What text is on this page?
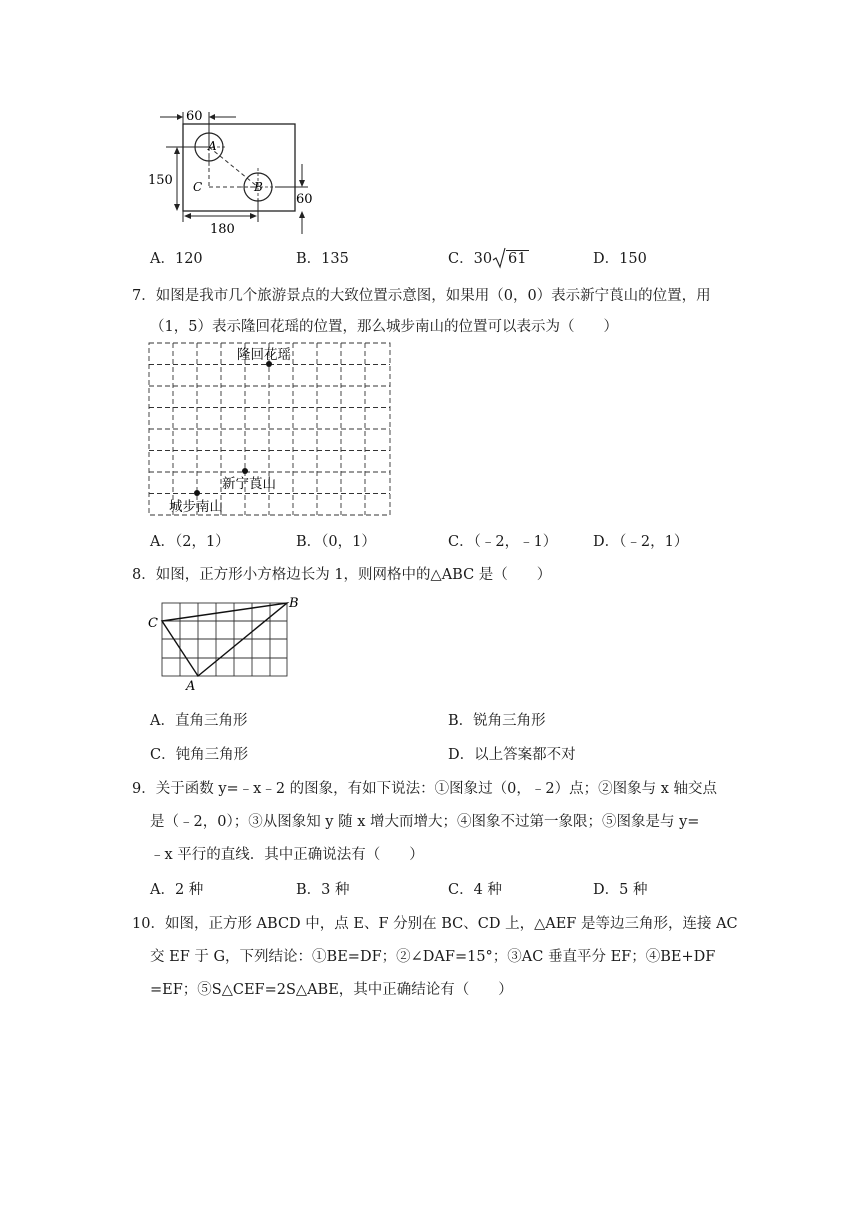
60
150
180
60
A
B
C
A．120	B．135	C．30 61	D．150
7．如图是我市几个旅游景点的大致位置示意图，如果用（0，0）表示新宁莨山的位置，用
（1，5）表示隆回花瑶的位置，那么城步南山的位置可以表示为（　　）
隆回花瑶
新宁莨山
城步南山
A．（2，1）	B．（0，1）	C．（﹣2，﹣1） D．（﹣2，1）
8．如图，正方形小方格边长为 1，则网格中的△ABC 是（　　）
A
B
C
A．直角三角形	B．锐角三角形
C．钝角三角形	D．以上答案都不对
9．关于函数 y=﹣x﹣2 的图象，有如下说法：①图象过（0，﹣2）点；②图象与 x 轴交点
是（﹣2，0）；③从图象知 y 随 x 增大而增大；④图象不过第一象限；⑤图象是与 y=
﹣x 平行的直线．其中正确说法有（　　）
A．2 种	B．3 种	C．4 种	D．5 种
10．如图，正方形 ABCD 中，点 E、F 分别在 BC、CD 上，△AEF 是等边三角形，连接 AC
交 EF 于 G，下列结论：①BE=DF；②∠DAF=15°；③AC 垂直平分 EF；④BE+DF
=EF；⑤S△CEF=2S△ABE，其中正确结论有（　　）
